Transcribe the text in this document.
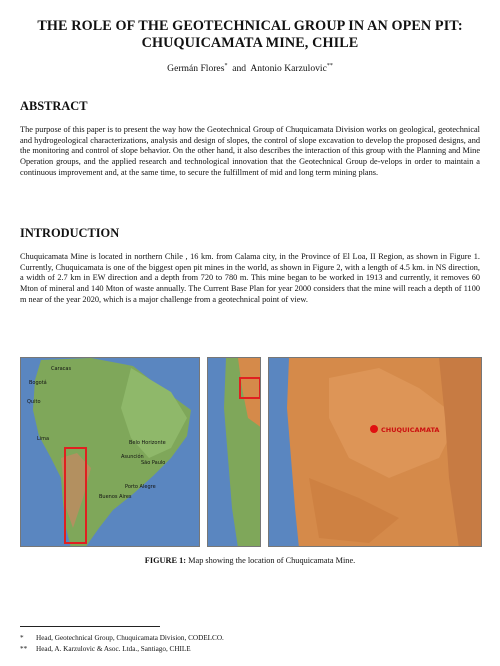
THE ROLE OF THE GEOTECHNICAL GROUP IN AN OPEN PIT:
CHUQUICAMATA MINE, CHILE
Germán Flores* and Antonio Karzulovic**
ABSTRACT
The purpose of this paper is to present the way how the Geotechnical Group of Chuquicamata Division works on geological, geotechnical and hydrogeological characterizations, analysis and design of slopes, the control of slope excavation to develop the proposed designs, and the monitoring and control of slope behavior. On the other hand, it also describes the interaction of this group with the Planning and Mine Operation groups, and the applied research and technological innovation that the Geotechnical Group de-velops in order to maintain a continuous improvement and, at the same time, to secure the fulfillment of mid and long term mining plans.
INTRODUCTION
Chuquicamata Mine is located in northern Chile , 16 km. from Calama city, in the Province of El Loa, II Region, as shown in Figure 1. Currently, Chuquicamata is one of the biggest open pit mines in the world, as shown in Figure 2, with a length of 4.5 km. in NS direction, a width of 2.7 km in EW direction and a depth from 720 to 780 m. This mine began to be worked in 1913 and currently, it removes 60 Mton of mineral and 140 Mton of waste annually. The Current Base Plan for year 2000 considers that the mine will reach a depth of 1100 m near of the year 2020, which is a major challenge from a geotechnical point of view.
Caracas
Bogotá
Quito
Lima
Belo Horizonte
Asunción
São Paulo
Porto Alegre
Buenos Aires
CHUQUICAMATA
FIGURE 1: Map showing the location of Chuquicamata Mine.
* Head, Geotechnical Group, Chuquicamata Division, CODELCO.
** Head, A. Karzulovic & Asoc. Ltda., Santiago, CHILE
